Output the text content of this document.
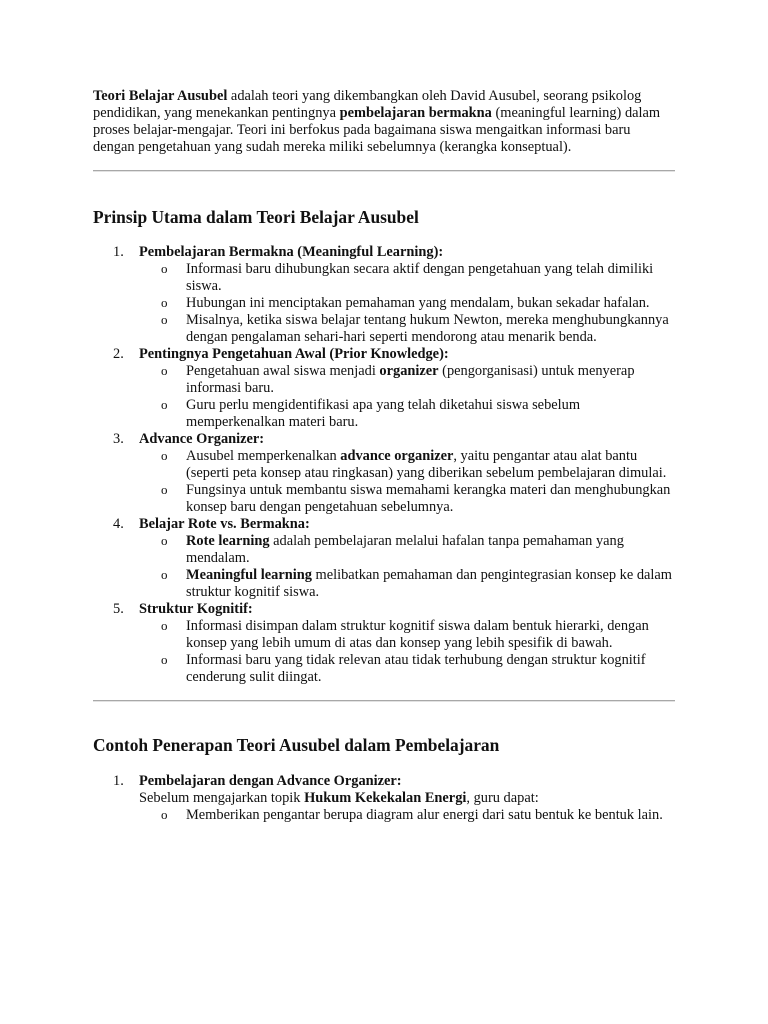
Teori Belajar Ausubel adalah teori yang dikembangkan oleh David Ausubel, seorang psikolog pendidikan, yang menekankan pentingnya pembelajaran bermakna (meaningful learning) dalam proses belajar-mengajar. Teori ini berfokus pada bagaimana siswa mengaitkan informasi baru dengan pengetahuan yang sudah mereka miliki sebelumnya (kerangka konseptual).

Prinsip Utama dalam Teori Belajar Ausubel
1. Pembelajaran Bermakna (Meaningful Learning):
o Informasi baru dihubungkan secara aktif dengan pengetahuan yang telah dimiliki siswa.
o Hubungan ini menciptakan pemahaman yang mendalam, bukan sekadar hafalan.
o Misalnya, ketika siswa belajar tentang hukum Newton, mereka menghubungkannya dengan pengalaman sehari-hari seperti mendorong atau menarik benda.
2. Pentingnya Pengetahuan Awal (Prior Knowledge):
o Pengetahuan awal siswa menjadi organizer (pengorganisasi) untuk menyerap informasi baru.
o Guru perlu mengidentifikasi apa yang telah diketahui siswa sebelum memperkenalkan materi baru.
3. Advance Organizer:
o Ausubel memperkenalkan advance organizer, yaitu pengantar atau alat bantu (seperti peta konsep atau ringkasan) yang diberikan sebelum pembelajaran dimulai.
o Fungsinya untuk membantu siswa memahami kerangka materi dan menghubungkan konsep baru dengan pengetahuan sebelumnya.
4. Belajar Rote vs. Bermakna:
o Rote learning adalah pembelajaran melalui hafalan tanpa pemahaman yang mendalam.
o Meaningful learning melibatkan pemahaman dan pengintegrasian konsep ke dalam struktur kognitif siswa.
5. Struktur Kognitif:
o Informasi disimpan dalam struktur kognitif siswa dalam bentuk hierarki, dengan konsep yang lebih umum di atas dan konsep yang lebih spesifik di bawah.
o Informasi baru yang tidak relevan atau tidak terhubung dengan struktur kognitif cenderung sulit diingat.
Contoh Penerapan Teori Ausubel dalam Pembelajaran
1. Pembelajaran dengan Advance Organizer:
Sebelum mengajarkan topik Hukum Kekekalan Energi, guru dapat:
o Memberikan pengantar berupa diagram alur energi dari satu bentuk ke bentuk lain.
